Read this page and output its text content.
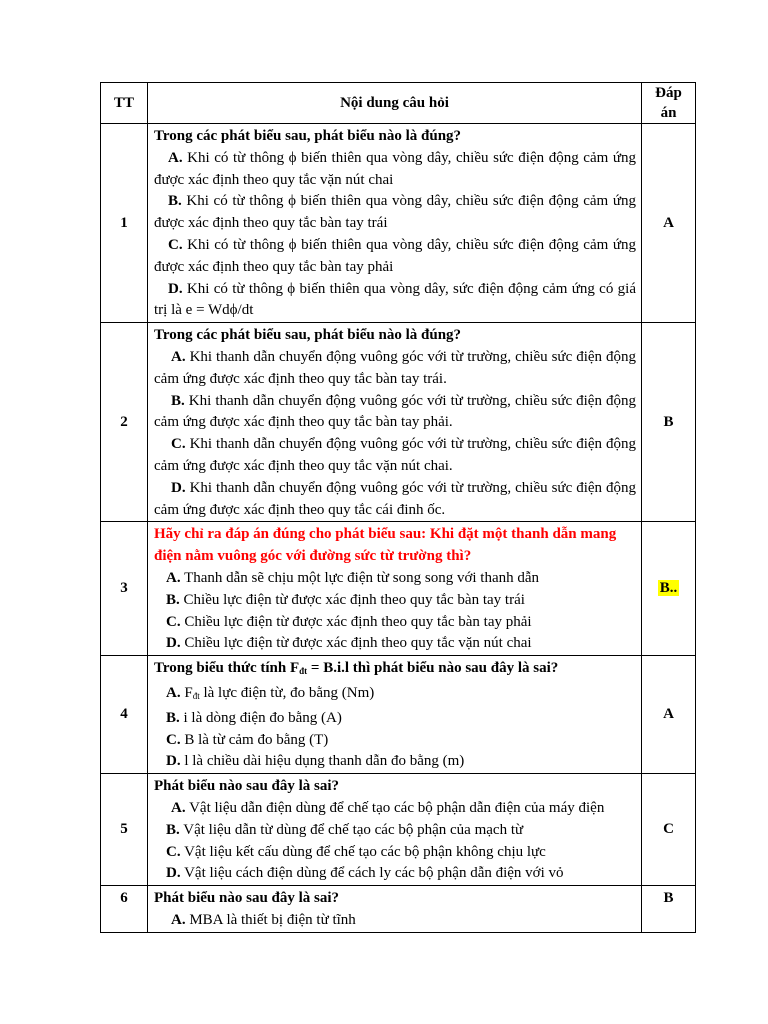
TT	Nội dung câu hỏi	Đáp
án
1	Trong các phát biểu sau, phát biểu nào là đúng?
A. Khi có từ thông ϕ biến thiên qua vòng dây, chiều sức điện động cảm ứng được xác định theo quy tắc vặn nút chai
B. Khi có từ thông ϕ biến thiên qua vòng dây, chiều sức điện động cảm ứng được xác định theo quy tắc bàn tay trái
C. Khi có từ thông ϕ biến thiên qua vòng dây, chiều sức điện động cảm ứng được xác định theo quy tắc bàn tay phải
D. Khi có từ thông ϕ biến thiên qua vòng dây, sức điện động cảm ứng có giá trị là e = Wdϕ/dt	A
2	Trong các phát biểu sau, phát biểu nào là đúng?
A. Khi thanh dẫn chuyển động vuông góc với từ trường, chiều sức điện động cảm ứng được xác định theo quy tắc bàn tay trái.
B. Khi thanh dẫn chuyển động vuông góc với từ trường, chiều sức điện động cảm ứng được xác định theo quy tắc bàn tay phải.
C. Khi thanh dẫn chuyển động vuông góc với từ trường, chiều sức điện động cảm ứng được xác định theo quy tắc vặn nút chai.
D. Khi thanh dẫn chuyển động vuông góc với từ trường, chiều sức điện động cảm ứng được xác định theo quy tắc cái đinh ốc.	B
3	Hãy chỉ ra đáp án đúng cho phát biểu sau: Khi đặt một thanh dẫn mang điện nằm vuông góc với đường sức từ trường thì?
A. Thanh dẫn sẽ chịu một lực điện từ song song với thanh dẫn
B. Chiều lực điện từ được xác định theo quy tắc bàn tay trái
C. Chiều lực điện từ được xác định theo quy tắc bàn tay phải
D. Chiều lực điện từ được xác định theo quy tắc vặn nút chai	B..
4	Trong biểu thức tính $F_{đt} = B.i.l$ thì phát biểu nào sau đây là sai?
A. $F_{đt}$ là lực điện từ, đo bằng (Nm)
B. i là dòng điện đo bằng (A)
C. B là từ cảm đo bằng (T)
D. l là chiều dài hiệu dụng thanh dẫn đo bằng (m)	A
5	Phát biểu nào sau đây là sai?
A. Vật liệu dẫn điện dùng để chế tạo các bộ phận dẫn điện của máy điện
B. Vật liệu dẫn từ dùng để chế tạo các bộ phận của mạch từ
C. Vật liệu kết cấu dùng để chế tạo các bộ phận không chịu lực
D. Vật liệu cách điện dùng để cách ly các bộ phận dẫn điện với vỏ	C
6	Phát biểu nào sau đây là sai?
A. MBA là thiết bị điện từ tĩnh	B
